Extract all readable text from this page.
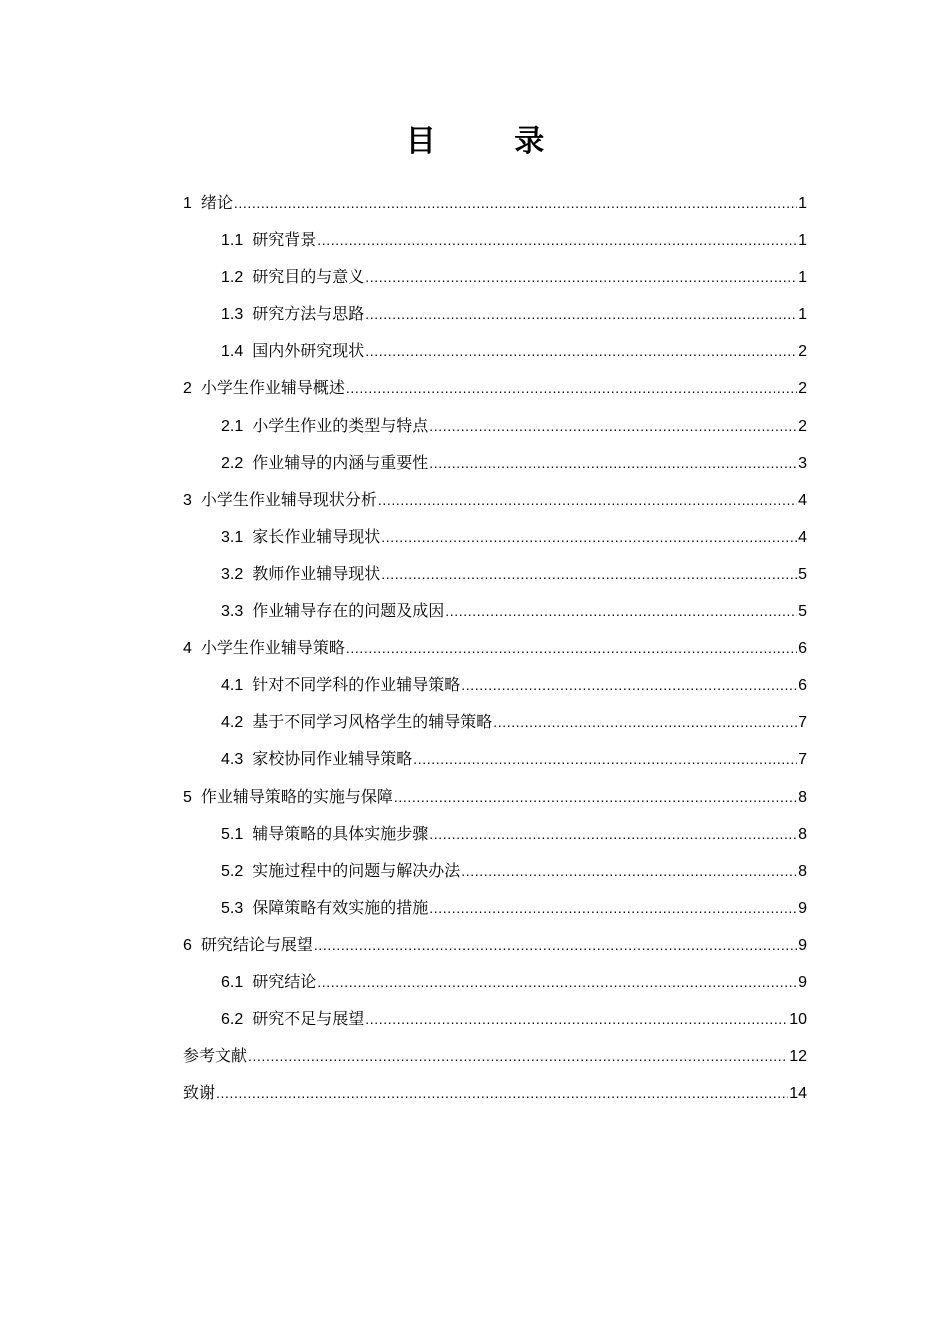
目 录
1 绪论 .....	1
1.1 研究背景 .....	1
1.2 研究目的与意义 .....	1
1.3 研究方法与思路 .....	1
1.4 国内外研究现状 .....	2
2 小学生作业辅导概述 .....	2
2.1 小学生作业的类型与特点 .....	2
2.2 作业辅导的内涵与重要性 .....	3
3 小学生作业辅导现状分析 .....	4
3.1 家长作业辅导现状 .....	4
3.2 教师作业辅导现状 .....	5
3.3 作业辅导存在的问题及成因 .....	5
4 小学生作业辅导策略 .....	6
4.1 针对不同学科的作业辅导策略 .....	6
4.2 基于不同学习风格学生的辅导策略 .....	7
4.3 家校协同作业辅导策略 .....	7
5 作业辅导策略的实施与保障 .....	8
5.1 辅导策略的具体实施步骤 .....	8
5.2 实施过程中的问题与解决办法 .....	8
5.3 保障策略有效实施的措施 .....	9
6 研究结论与展望 .....	9
6.1 研究结论 .....	9
6.2 研究不足与展望 .....	10
参考文献 .....	12
致谢 .....	14
